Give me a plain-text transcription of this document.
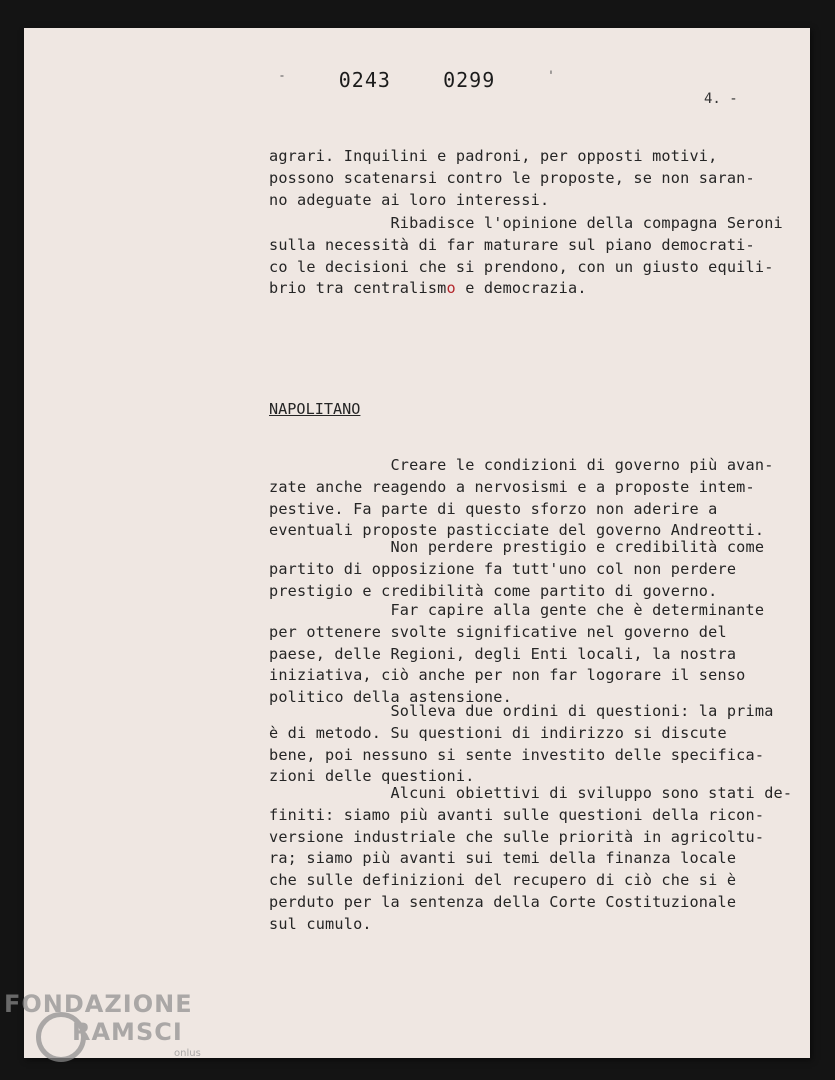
-	0243	0299	'
4. -
agrari. Inquilini e padroni, per opposti motivi,
possono scatenarsi contro le proposte, se non saran-
no adeguate ai loro interessi.
Ribadisce l'opinione della compagna Seroni
sulla necessità di far maturare sul piano democrati-
co le decisioni che si prendono, con un giusto equili-
brio tra centralismo e democrazia.
NAPOLITANO
Creare le condizioni di governo più avan-
zate anche reagendo a nervosismi e a proposte intem-
pestive. Fa parte di questo sforzo non aderire a
eventuali proposte pasticciate del governo Andreotti.
Non perdere prestigio e credibilità come
partito di opposizione fa tutt'uno col non perdere
prestigio e credibilità come partito di governo.
Far capire alla gente che è determinante
per ottenere svolte significative nel governo del
paese, delle Regioni, degli Enti locali, la nostra
iniziativa, ciò anche per non far logorare il senso
politico della astensione.
Solleva due ordini di questioni: la prima
è di metodo. Su questioni di indirizzo si discute
bene, poi nessuno si sente investito delle specifica-
zioni delle questioni.
Alcuni obiettivi di sviluppo sono stati de-
finiti: siamo più avanti sulle questioni della ricon-
versione industriale che sulle priorità in agricoltu-
ra; siamo più avanti sui temi della finanza locale
che sulle definizioni del recupero di ciò che si è
perduto per la sentenza della Corte Costituzionale
sul cumulo.
FONDAZIONE
RAMSCI
onlus
